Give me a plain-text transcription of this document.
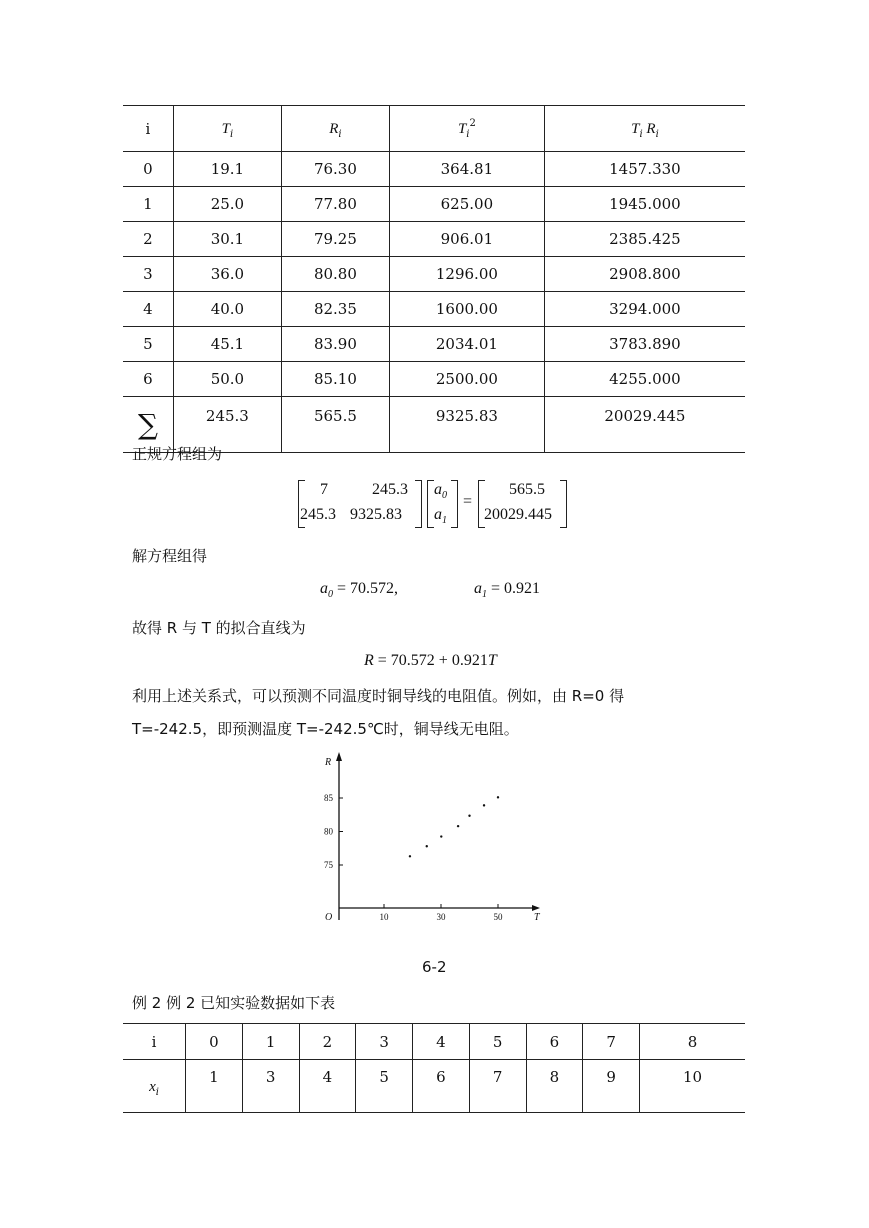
i	$T_i$	$R_i$	$T_i^2$	$T_i$ $R_i$
0	19.1	76.30	364.81	1457.330
1	25.0	77.80	625.00	1945.000
2	30.1	79.25	906.01	2385.425
3	36.0	80.80	1296.00	2908.800
4	40.0	82.35	1600.00	3294.000
5	45.1	83.90	2034.01	3783.890
6	50.0	85.10	2500.00	4255.000
∑	245.3	565.5	9325.83	20029.445
正规方程组为
7	245.3
245.3 9325.83
$a_0$
$a_1$
=
565.5
20029.445
解方程组得
$a_0 = 70.572$,	$a_1 = 0.921$
故得 R 与 T 的拟合直线为
R = 70.572 + 0.921T
利用上述关系式，可以预测不同温度时铜导线的电阻值。例如，由 R=0 得
T=-242.5，即预测温度 T=-242.5℃时，铜导线无电阻。
10	30	50
75
80
85
R
T
O
6-2
例 2 例 2 已知实验数据如下表
i	0	1	2	3	4	5	6	7	8
$x_i$	1	3	4	5	6	7	8	9	10
